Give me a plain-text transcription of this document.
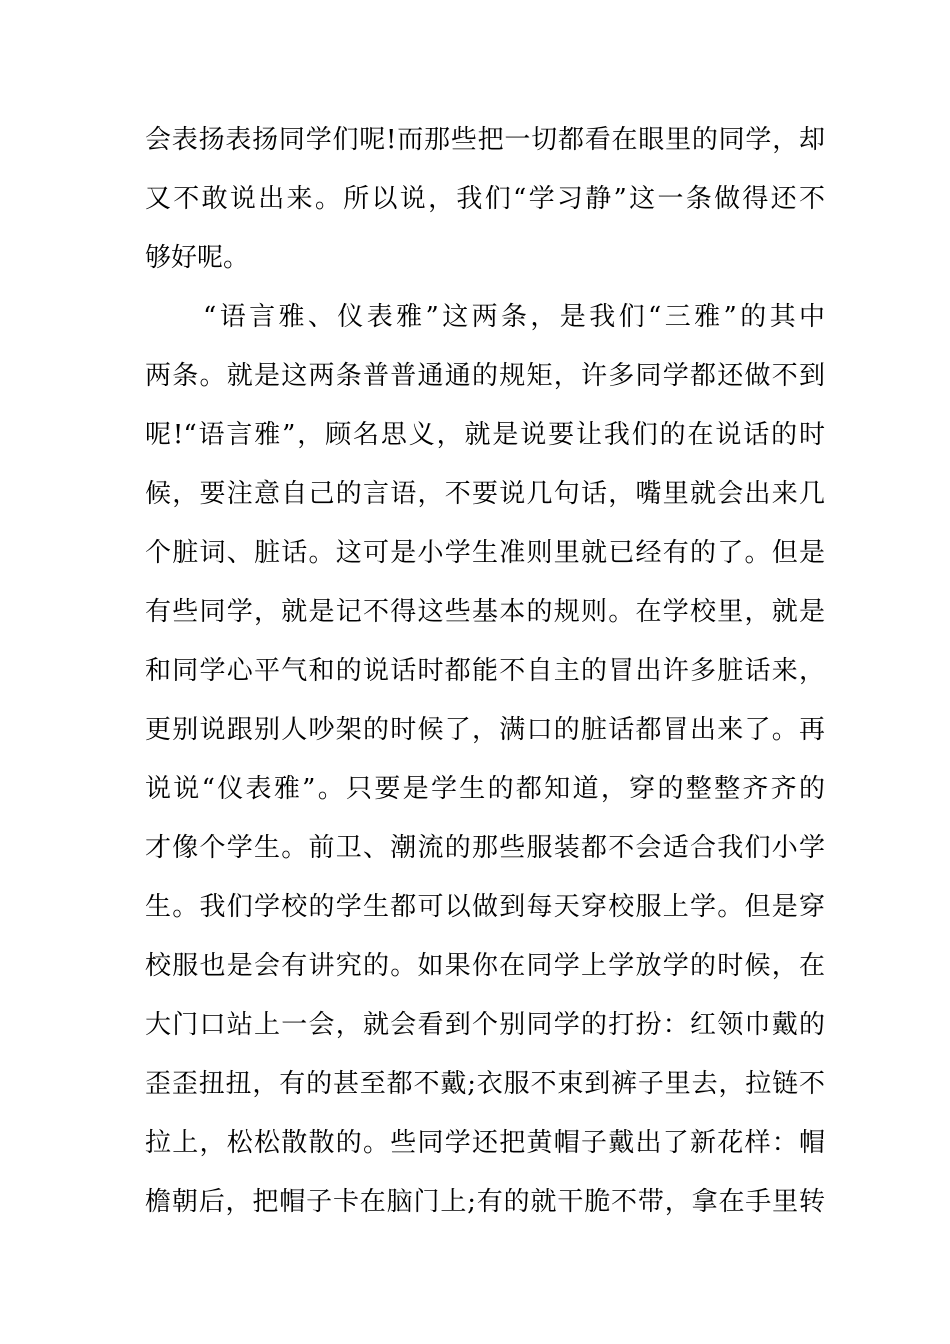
会表扬表扬同学们呢!而那些把一切都看在眼里的同学，却
又不敢说出来。所以说，我们“学习静”这一条做得还不
够好呢。
“语言雅、仪表雅”这两条，是我们“三雅”的其中
两条。就是这两条普普通通的规矩，许多同学都还做不到
呢!“语言雅”，顾名思义，就是说要让我们的在说话的时
候，要注意自己的言语，不要说几句话，嘴里就会出来几
个脏词、脏话。这可是小学生准则里就已经有的了。但是
有些同学，就是记不得这些基本的规则。在学校里，就是
和同学心平气和的说话时都能不自主的冒出许多脏话来，
更别说跟别人吵架的时候了，满口的脏话都冒出来了。再
说说“仪表雅”。只要是学生的都知道，穿的整整齐齐的
才像个学生。前卫、潮流的那些服装都不会适合我们小学
生。我们学校的学生都可以做到每天穿校服上学。但是穿
校服也是会有讲究的。如果你在同学上学放学的时候，在
大门口站上一会，就会看到个别同学的打扮：红领巾戴的
歪歪扭扭，有的甚至都不戴;衣服不束到裤子里去，拉链不
拉上，松松散散的。些同学还把黄帽子戴出了新花样：帽
檐朝后，把帽子卡在脑门上;有的就干脆不带，拿在手里转
